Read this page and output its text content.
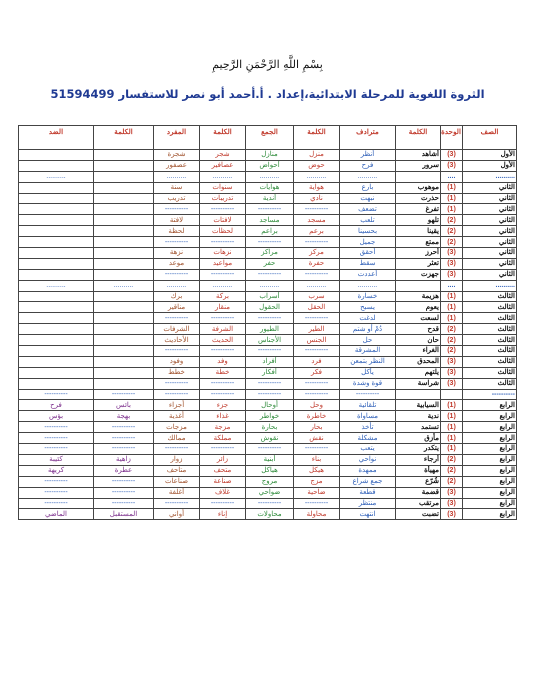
بِسْمِ اللَّهِ الرَّحْمَنِ الرَّحِيمِ
الثروة اللغوية للمرحلة الابتدائية،إعداد . أ.أحمد أبو نصر للاستفسار 51594499
الصف	الوحدة	الكلمة	مترادف	الكلمة	الجمع	الكلمة	المفرد	الكلمة	الضد
الأول	(3)	أشاهد	أنظر	منزل	منازل	شجر	شجرة		
الأول	(3)	سرور	فرح	حوض	أحواض	عصافير	عصفور		
..........	....		..........	..........	..........	..........	..........		..........
الثاني	(1)	موهوب	بارع	هواية	هوايات	سنوات	سنة		
الثاني	(1)	حذرت	نبهت	نادي	أندية	تدريبات	تدريب		
الثاني	(1)	تفرغ	تضعف	----------	----------	----------	----------		
الثاني	(2)	تلهو	تلعب	مسجد	مساجد	لافتات	لافتة		
الثاني	(2)	يقينا	بحسينا	برعم	براعم	لحظات	لحظة		
الثاني	(2)	ممتع	جميل	----------	----------	----------	----------		
الثاني	(3)	أحرز	أحقق	مركز	مراكز	نزهات	نزهة		
الثاني	(3)	تعثر	سقط	حفرة	حفر	مواعيد	موعد		
الثاني	(3)	جهزت	أعددت	----------	----------	----------	----------		
..........	....		..........	..........	..........	..........	..........	..........	..........
الثالث	(1)	هزيمة	خسارة	سرب	أسراب	بركة	برك		
الثالث	(1)	يعوم	يسبح	الحقل	الحقول	منقار	مناقير		
الثالث	(1)	لسعت	لدغت	----------	----------	----------	----------		
الثالث	(2)	قدح	دُمْ أو شتم	الطير	الطيور	الشرفة	الشرفات		
الثالث	(2)	حان	حل	الجنس	الأجناس	الحديث	الأحاديث		
الثالث	(2)	الغراء	المشرقة	----------	----------	----------	----------		
الثالث	(3)	المحدق	النظر بتمعن	فرد	أفراد	وفد	وفود		
الثالث	(3)	يلتهم	يأكل	فكر	أفكار	خطة	خطط		
الثالث	(3)	شراسة	قوة وشدة	----------	----------	----------	----------		
----------			----------	----------	----------	----------	----------	----------	----------
الرابع	(1)	السيابية	تلقائية	وحل	أوحال	جزء	أجزاء	بائس	فرح
الرابع	(1)	ندية	مساواة	خاطرة	خواطر	غذاء	أغذية	بهجة	بؤس
الرابع	(1)	تستمد	تأخذ	بحار	بحارة	مزجة	مزجات	----------	----------
الرابع	(1)	مأزق	مشكلة	نقش	نقوش	مملكة	ممالك	----------	----------
الرابع	(1)	يتكدر	يتعب	----------	----------	----------	----------	----------	----------
الرابع	(2)	أرجاء	نواحي	بناء	أبنية	زائر	زوار	زاهية	كئيبة
الرابع	(2)	مهيأة	ممهدة	هيكل	هياكل	متحف	متاحف	عطرة	كريهة
الرابع	(2)	شُرّع	جمع شراع	مزج	مروج	صناعة	صناعات	----------	----------
الرابع	(3)	قضمة	قطعة	ضاحية	ضواحي	غلاف	أغلفة	----------	----------
الرابع	(3)	مرتقب	منتظر	----------	----------	----------	----------	----------	----------
الرابع	(3)	تضبت	انتهت	محاولة	محاولات	إناء	أواني	المستقبل	الماضي
